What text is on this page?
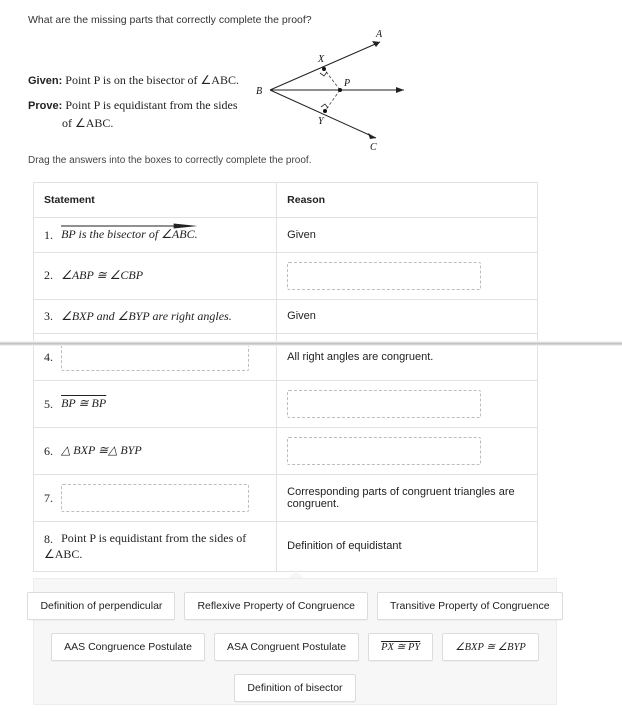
What are the missing parts that correctly complete the proof?
Given: Point P is on the bisector of ∠ABC.
Prove: Point P is equidistant from the sides
of ∠ABC.
A
X
P
B
Y
C
Drag the answers into the boxes to correctly complete the proof.
Statement	Reason
1. BP is the bisector of ∠ABC.	Given
2. ∠ABP ≅ ∠CBP	

3. ∠BXP and ∠BYP are right angles.	Given
4.	All right angles are congruent.
5. BP ≅ BP	

6. △ BXP ≅△ BYP	

7.	Corresponding parts of congruent triangles are congruent.
8. Point P is equidistant from the sides of ∠ABC.	Definition of equidistant
Definition of perpendicular	Reflexive Property of Congruence	Transitive Property of Congruence
AAS Congruence Postulate	ASA Congruent Postulate	PX ≅ PY	∠BXP ≅ ∠BYP
Definition of bisector
